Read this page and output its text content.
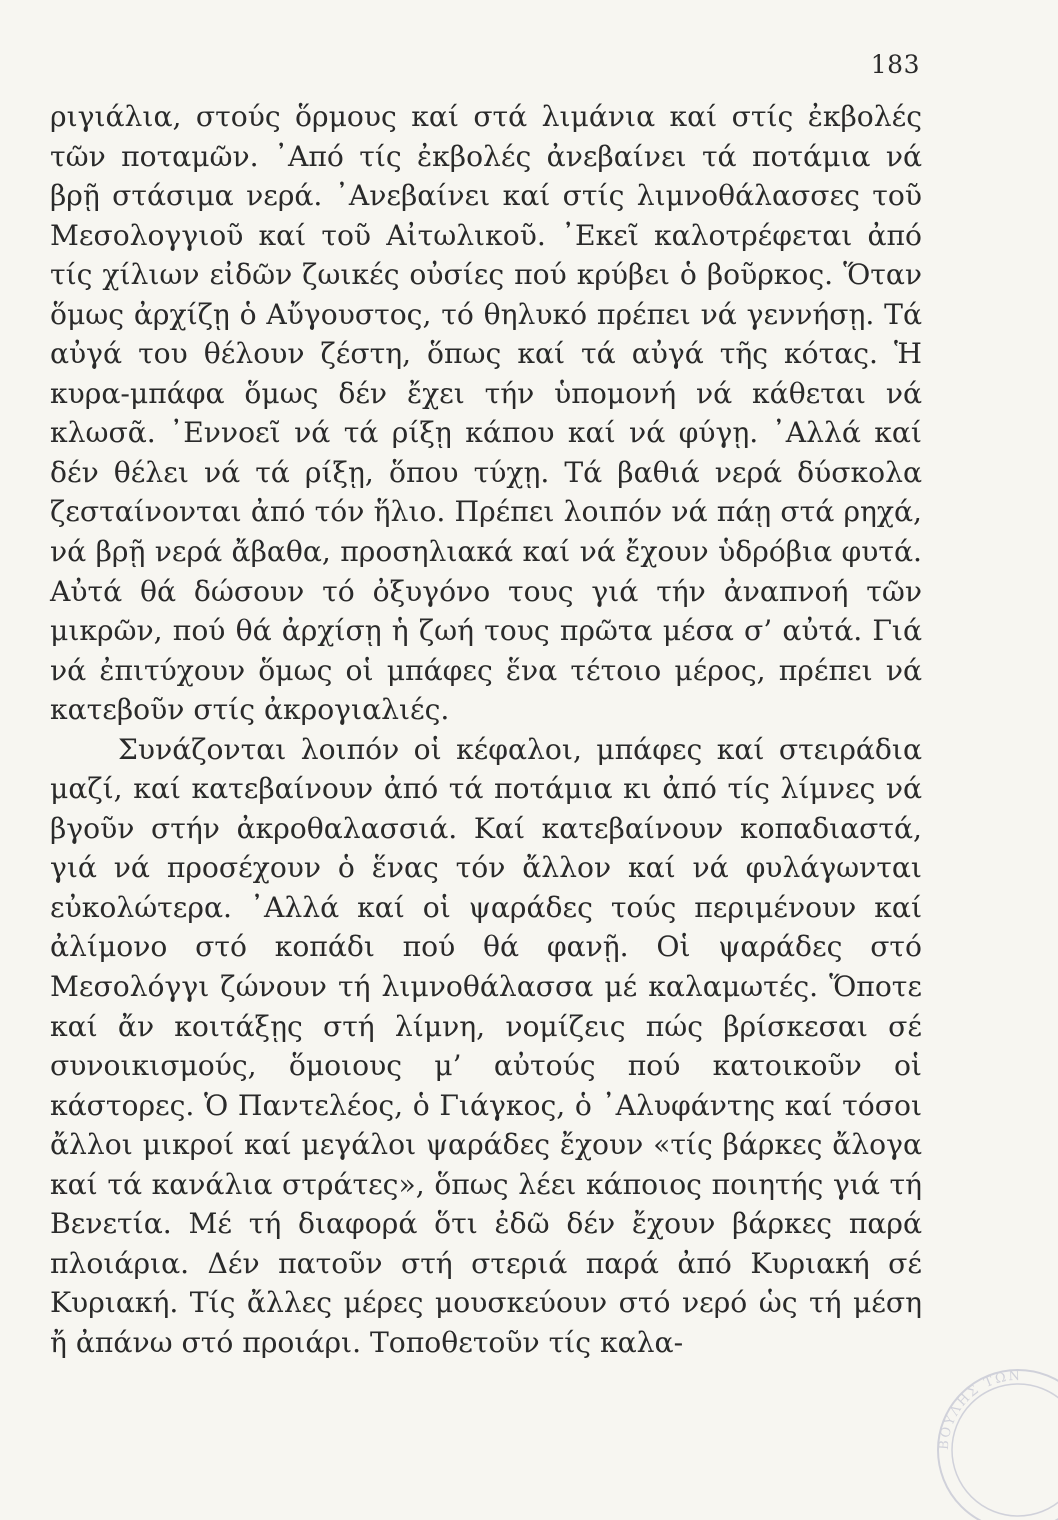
183

ριγιάλια, στούς ὅρμους καί στά λιμάνια καί στίς ἐκβολές τῶν ποταμῶν. ᾿Από τίς ἐκβολές ἀνεβαίνει τά ποτάμια νά βρῇ στάσιμα νερά. ᾿Ανεβαίνει καί στίς λιμνοθάλασσες τοῦ Μεσολογγιοῦ καί τοῦ Αἰτωλικοῦ. ᾿Εκεῖ καλοτρέφεται ἀπό τίς χίλιων εἰδῶν ζωικές οὐσίες πού κρύβει ὁ βοῦρκος. Ὅταν ὅμως ἀρχίζῃ ὁ Αὔγουστος, τό θηλυκό πρέπει νά γεννήσῃ. Τά αὐγά του θέλουν ζέστη, ὅπως καί τά αὐγά τῆς κότας. Ἡ κυρα-μπάφα ὅμως δέν ἔχει τήν ὑπομονή νά κάθεται νά κλωσᾶ. ᾿Εννοεῖ νά τά ρίξῃ κάπου καί νά φύγῃ. ᾿Αλλά καί δέν θέλει νά τά ρίξῃ, ὅπου τύχῃ. Τά βαθιά νερά δύσκολα ζεσταίνονται ἀπό τόν ἥλιο. Πρέπει λοιπόν νά πάῃ στά ρηχά, νά βρῇ νερά ἄβαθα, προσηλιακά καί νά ἔχουν ὑδρόβια φυτά. Αὐτά θά δώσουν τό ὀξυγόνο τους γιά τήν ἀναπνοή τῶν μικρῶν, πού θά ἀρχίσῃ ἡ ζωή τους πρῶτα μέσα σ’ αὐτά. Γιά νά ἐπιτύχουν ὅμως οἱ μπάφες ἕνα τέτοιο μέρος, πρέπει νά κατεβοῦν στίς ἀκρογιαλιές.

Συνάζονται λοιπόν οἱ κέφαλοι, μπάφες καί στειράδια μαζί, καί κατεβαίνουν ἀπό τά ποτάμια κι ἀπό τίς λίμνες νά βγοῦν στήν ἀκροθαλασσιά. Καί κατεβαίνουν κοπαδιαστά, γιά νά προσέχουν ὁ ἕνας τόν ἄλλον καί νά φυλάγωνται εὐκολώτερα. ᾿Αλλά καί οἱ ψαράδες τούς περιμένουν καί ἀλίμονο στό κοπάδι πού θά φανῇ. Οἱ ψαράδες στό Μεσολόγγι ζώνουν τή λιμνοθάλασσα μέ καλαμωτές. Ὅποτε καί ἄν κοιτάξῃς στή λίμνη, νομίζεις πώς βρίσκεσαι σέ συνοικισμούς, ὅμοιους μ’ αὐτούς πού κατοικοῦν οἱ κάστορες. Ὁ Παντελέος, ὁ Γιάγκος, ὁ ᾿Αλυφάντης καί τόσοι ἄλλοι μικροί καί μεγάλοι ψαράδες ἔχουν «τίς βάρκες ἄλογα καί τά κανάλια στράτες», ὅπως λέει κάποιος ποιητής γιά τή Βενετία. Μέ τή διαφορά ὅτι ἐδῶ δέν ἔχουν βάρκες παρά πλοιάρια. Δέν πατοῦν στή στεριά παρά ἀπό Κυριακή σέ Κυριακή. Τίς ἄλλες μέρες μουσκεύουν στό νερό ὡς τή μέση ἤ ἀπάνω στό προιάρι. Τοποθετοῦν τίς καλα-

ΒΟΥΛΗΣ ΤΩΝ
